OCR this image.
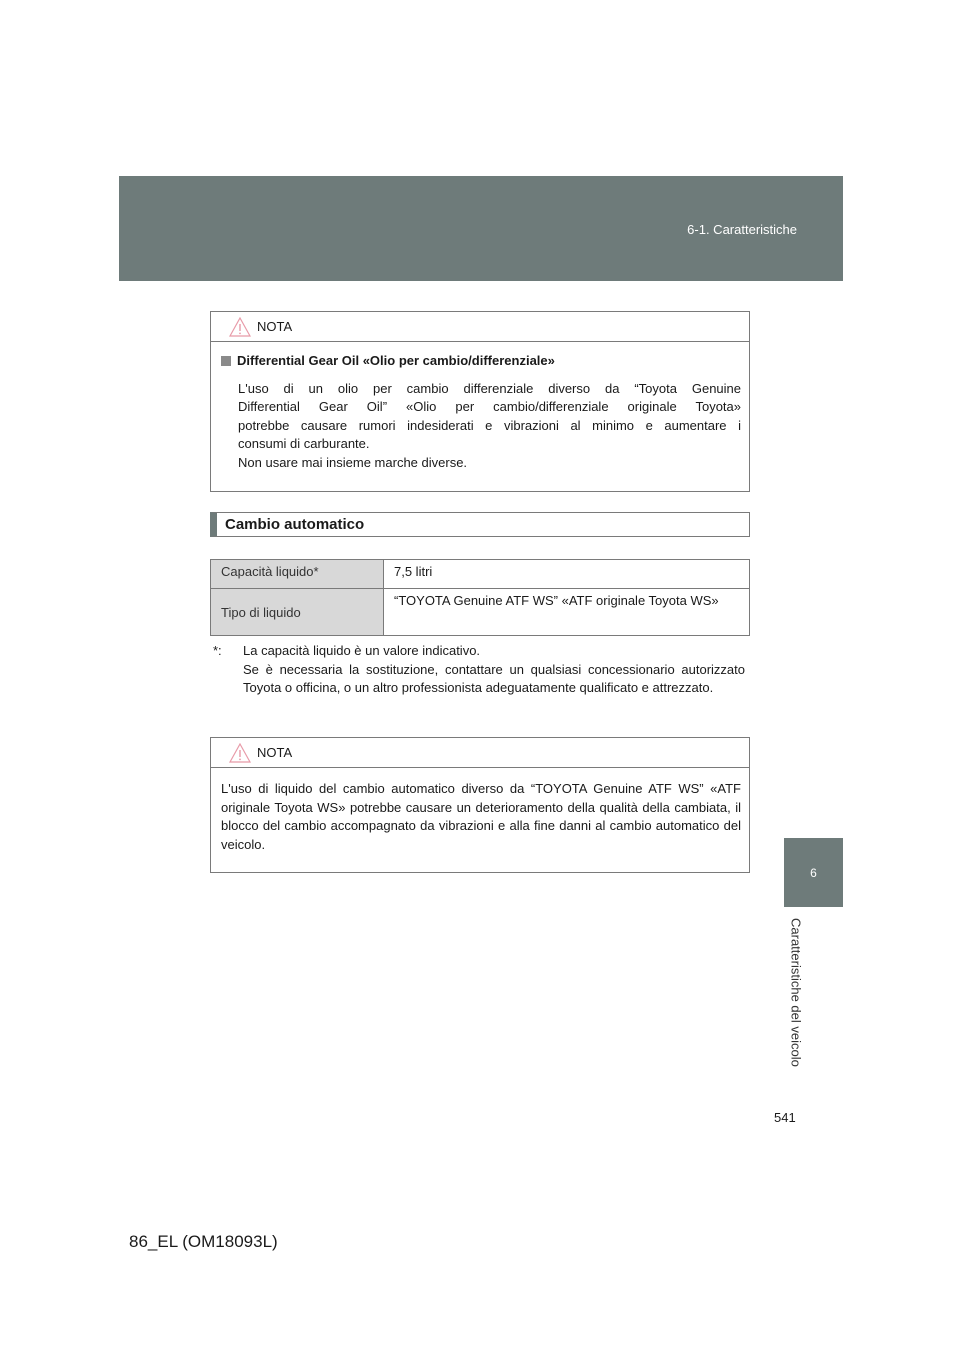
6-1. Caratteristiche
6
Caratteristiche del veicolo
541
86_EL (OM18093L)
NOTA
Differential Gear Oil «Olio per cambio/differenziale»
L'uso di un olio per cambio differenziale diverso da “Toyota Genuine
Differential Gear Oil” «Olio per cambio/differenziale originale Toyota»
potrebbe causare rumori indesiderati e vibrazioni al minimo e aumentare i
consumi di carburante.
Non usare mai insieme marche diverse.
Cambio automatico
Capacità liquido*	7,5 litri
Tipo di liquido	“TOYOTA Genuine ATF WS” «ATF originale Toyota WS»
*:	La capacità liquido è un valore indicativo.
Se è necessaria la sostituzione, contattare un qualsiasi concessionario autorizzato Toyota o officina, o un altro professionista adeguatamente qualificato e attrezzato.
NOTA
L'uso di liquido del cambio automatico diverso da “TOYOTA Genuine ATF WS” «ATF originale Toyota WS» potrebbe causare un deterioramento della qualità della cambiata, il blocco del cambio accompagnato da vibrazioni e alla fine danni al cambio automatico del veicolo.
